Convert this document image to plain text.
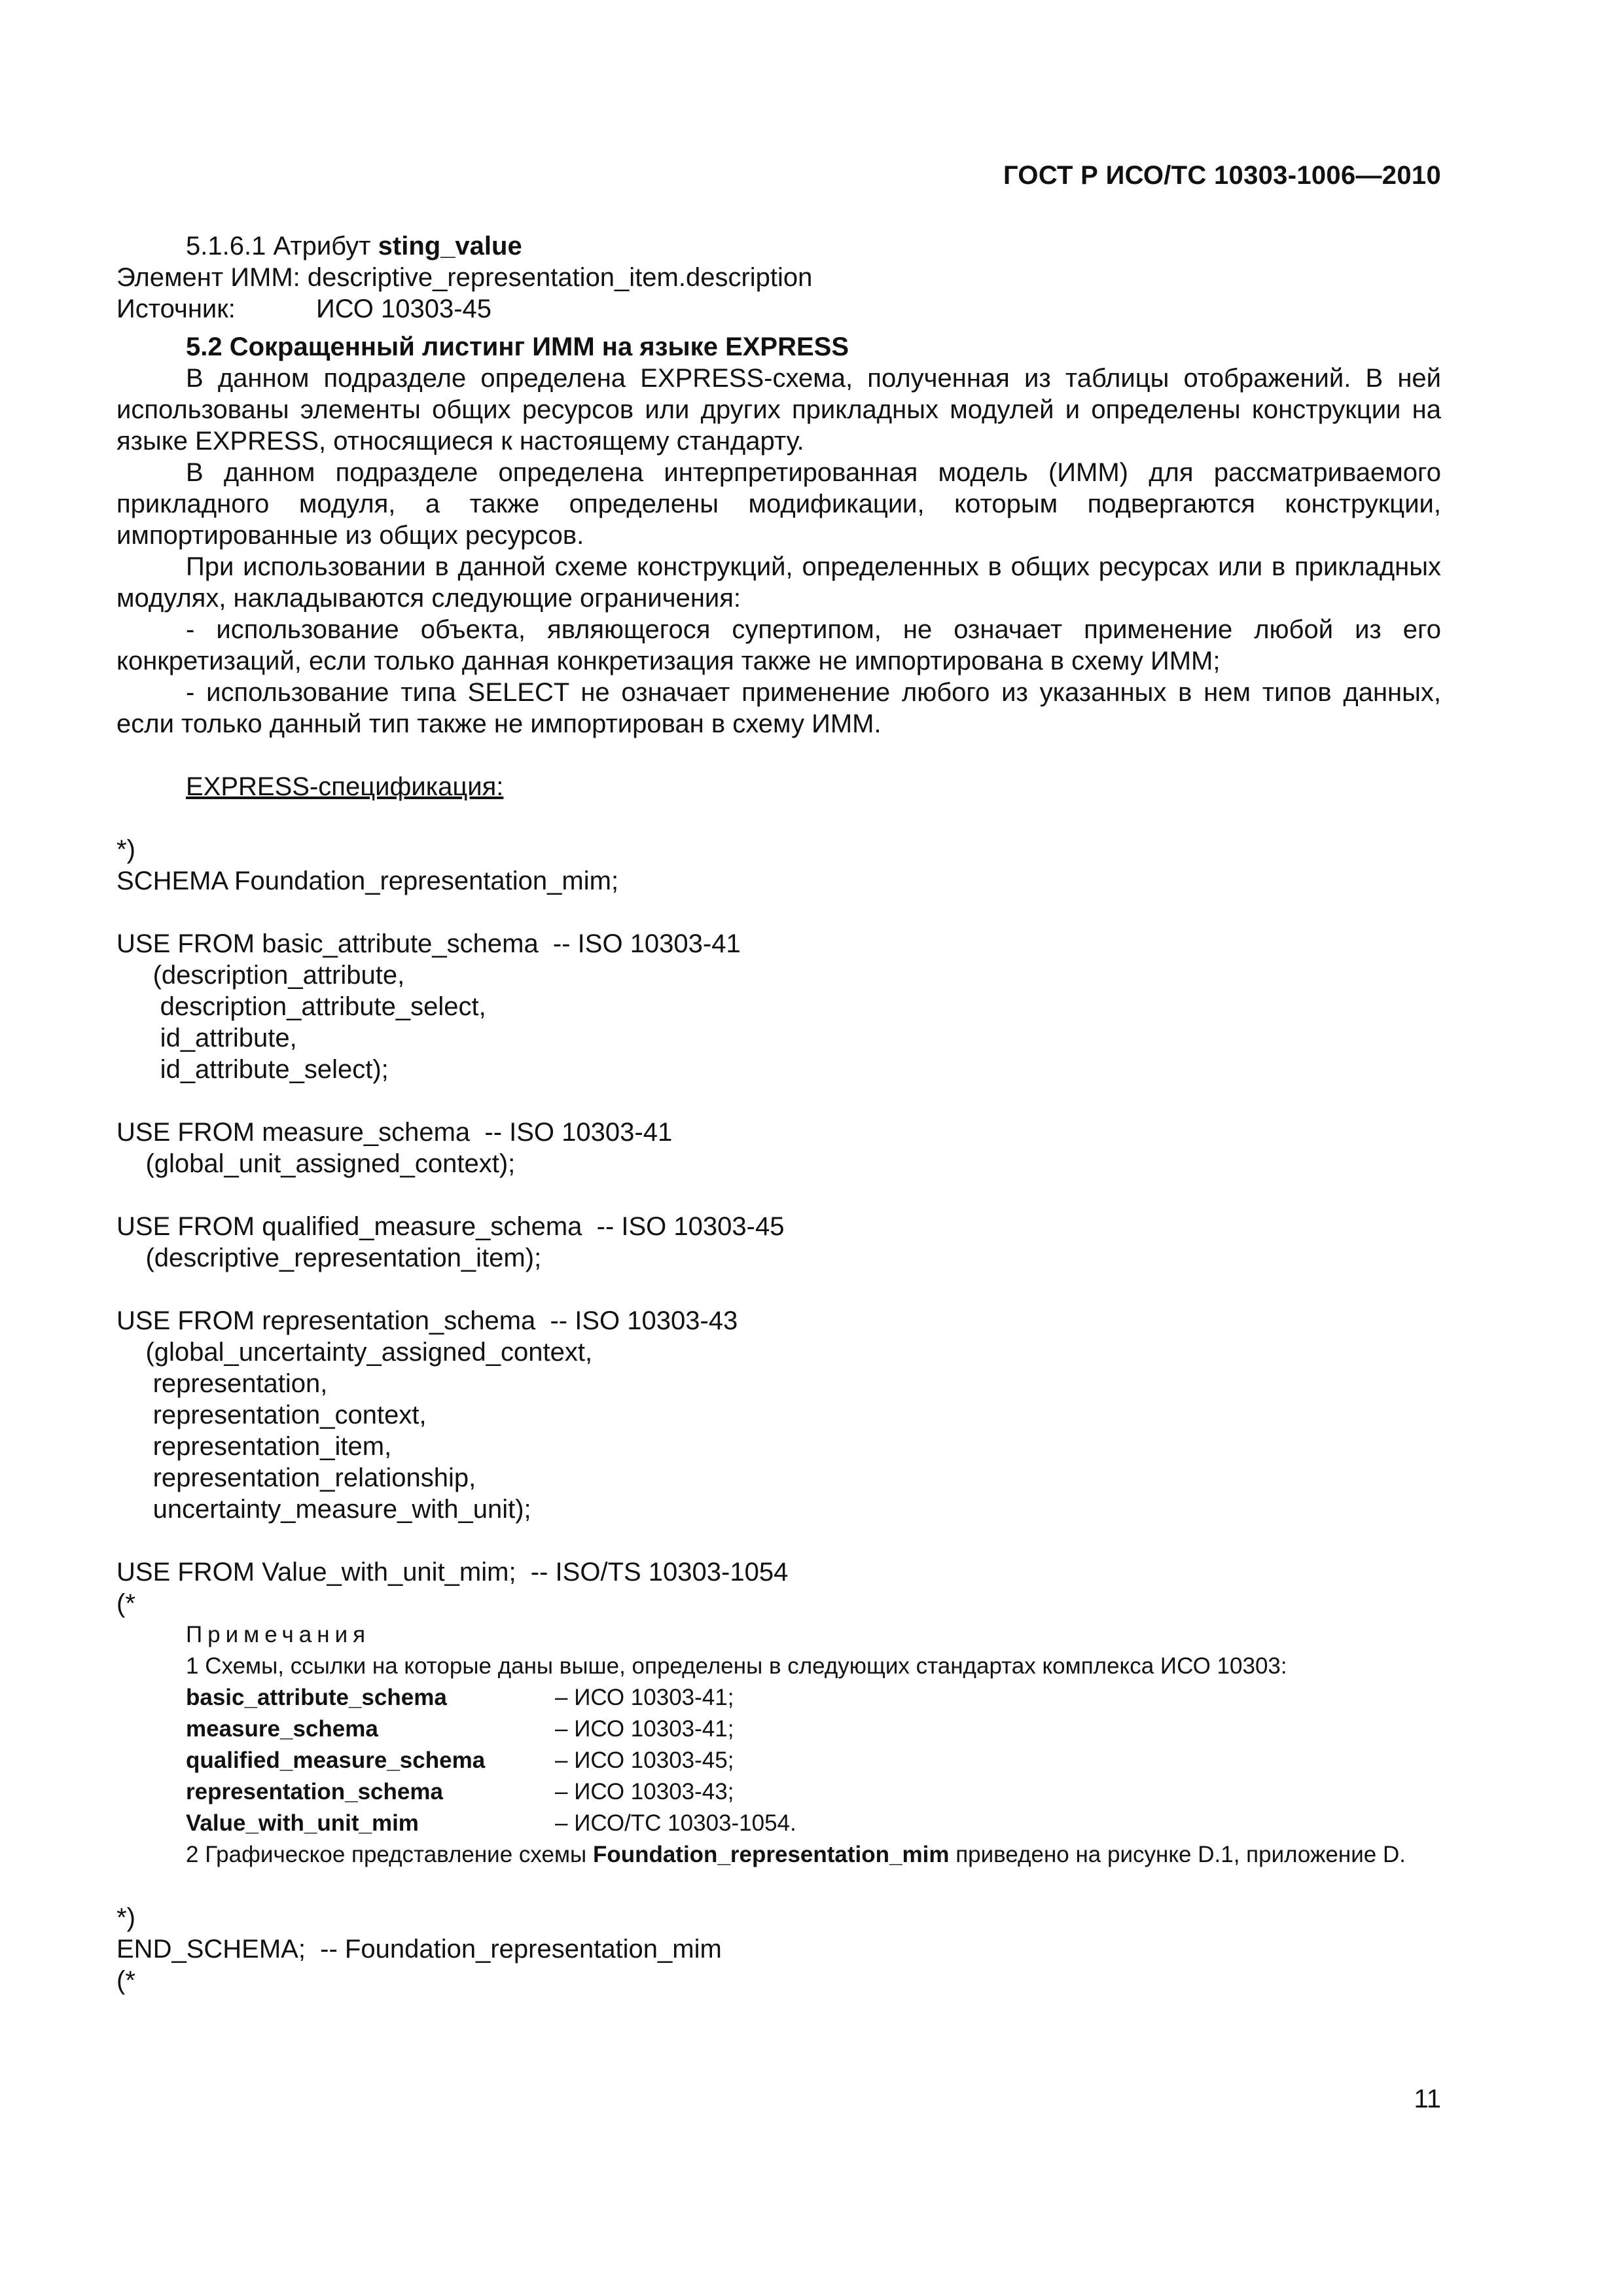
ГОСТ Р ИСО/ТС 10303-1006—2010

5.1.6.1 Атрибут sting_value

Элемент ИММ: descriptive_representation_item.description

Источник:	ИСО 10303-45

5.2 Сокращенный листинг ИММ на языке EXPRESS

В данном подразделе определена EXPRESS-схема, полученная из таблицы отображений. В ней использованы элементы общих ресурсов или других прикладных модулей и определены конструкции на языке EXPRESS, относящиеся к настоящему стандарту.

В данном подразделе определена интерпретированная модель (ИММ) для рассматриваемого прикладного модуля, а также определены модификации, которым подвергаются конструкции, импортированные из общих ресурсов.

При использовании в данной схеме конструкций, определенных в общих ресурсах или в прикладных модулях, накладываются следующие ограничения:

- использование объекта, являющегося супертипом, не означает применение любой из его конкретизаций, если только данная конкретизация также не импортирована в схему ИММ;

- использование типа SELECT не означает применение любого из указанных в нем типов данных, если только данный тип также не импортирован в схему ИММ.

EXPRESS-спецификация:

*)
SCHEMA Foundation_representation_mim;
USE FROM basic_attribute_schema  -- ISO 10303-41
(description_attribute,
description_attribute_select,
id_attribute,
id_attribute_select);
USE FROM measure_schema  -- ISO 10303-41
(global_unit_assigned_context);
USE FROM qualified_measure_schema  -- ISO 10303-45
(descriptive_representation_item);
USE FROM representation_schema  -- ISO 10303-43
(global_uncertainty_assigned_context,
representation,
representation_context,
representation_item,
representation_relationship,
uncertainty_measure_with_unit);
USE FROM Value_with_unit_mim;  -- ISO/TS 10303-1054
(*
Примечания
1 Схемы, ссылки на которые даны выше, определены в следующих стандартах комплекса ИСО 10303:
basic_attribute_schema	– ИСО 10303-41;
measure_schema	– ИСО 10303-41;
qualified_measure_schema	– ИСО 10303-45;
representation_schema	– ИСО 10303-43;
Value_with_unit_mim	– ИСО/ТС 10303-1054.
2 Графическое представление схемы Foundation_representation_mim приведено на рисунке D.1, приложение D.
*)
END_SCHEMA;  -- Foundation_representation_mim
(*
11
